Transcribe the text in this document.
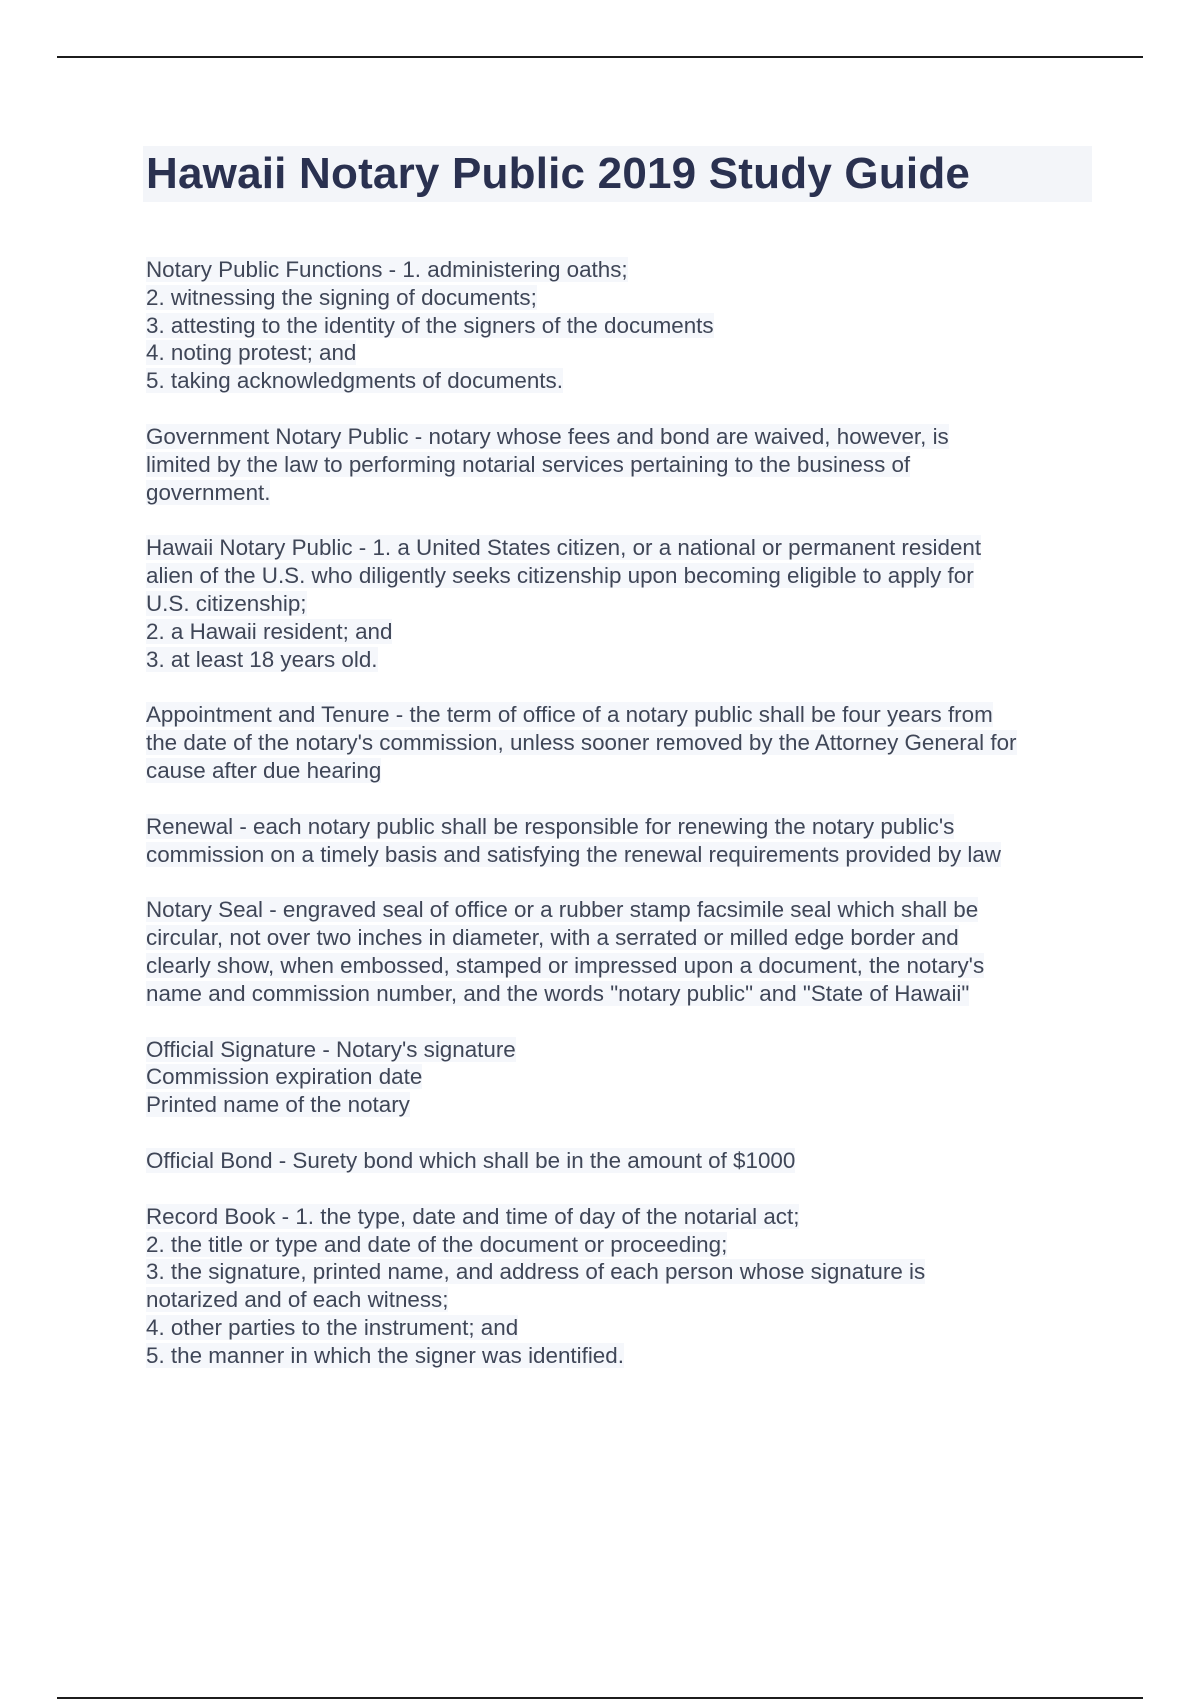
Hawaii Notary Public 2019 Study Guide
Notary Public Functions - 1. administering oaths;
2. witnessing the signing of documents;
3. attesting to the identity of the signers of the documents
4. noting protest; and
5. taking acknowledgments of documents.
Government Notary Public - notary whose fees and bond are waived, however, is
limited by the law to performing notarial services pertaining to the business of
government.
Hawaii Notary Public - 1. a United States citizen, or a national or permanent resident
alien of the U.S. who diligently seeks citizenship upon becoming eligible to apply for
U.S. citizenship;
2. a Hawaii resident; and
3. at least 18 years old.
Appointment and Tenure - the term of office of a notary public shall be four years from
the date of the notary's commission, unless sooner removed by the Attorney General for
cause after due hearing
Renewal - each notary public shall be responsible for renewing the notary public's
commission on a timely basis and satisfying the renewal requirements provided by law
Notary Seal - engraved seal of office or a rubber stamp facsimile seal which shall be
circular, not over two inches in diameter, with a serrated or milled edge border and
clearly show, when embossed, stamped or impressed upon a document, the notary's
name and commission number, and the words "notary public" and "State of Hawaii"
Official Signature - Notary's signature
Commission expiration date
Printed name of the notary
Official Bond - Surety bond which shall be in the amount of $1000
Record Book - 1. the type, date and time of day of the notarial act;
2. the title or type and date of the document or proceeding;
3. the signature, printed name, and address of each person whose signature is
notarized and of each witness;
4. other parties to the instrument; and
5. the manner in which the signer was identified.
